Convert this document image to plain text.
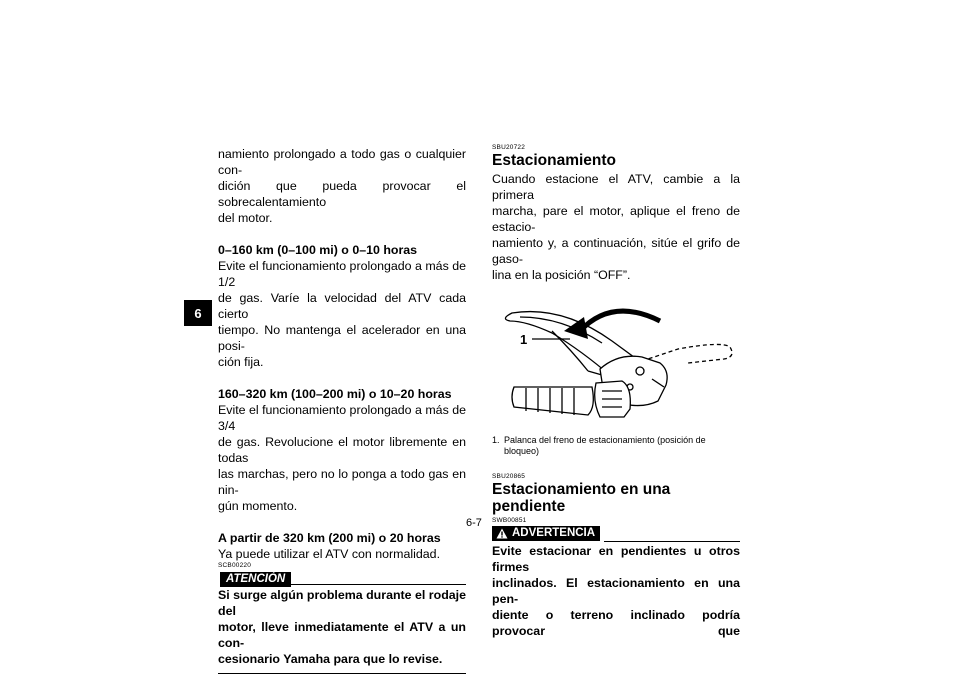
6

namiento prolongado a todo gas o cualquier con-
dición que pueda provocar el sobrecalentamiento
del motor.

0–160 km (0–100 mi) o 0–10 horas

Evite el funcionamiento prolongado a más de 1/2
de gas. Varíe la velocidad del ATV cada cierto
tiempo. No mantenga el acelerador en una posi-
ción fija.

160–320 km (100–200 mi) o 10–20 horas

Evite el funcionamiento prolongado a más de 3/4
de gas. Revolucione el motor libremente en todas
las marchas, pero no lo ponga a todo gas en nin-
gún momento.

A partir de 320 km (200 mi) o 20 horas

Ya puede utilizar el ATV con normalidad.

SCB00220
ATENCIÓN
Si surge algún problema durante el rodaje del
motor, lleve inmediatamente el ATV a un con-
cesionario Yamaha para que lo revise.
SBU20722

Estacionamiento

Cuando estacione el ATV, cambie a la primera
marcha, pare el motor, aplique el freno de estacio-
namiento y, a continuación, sitúe el grifo de gaso-
lina en la posición “OFF”.

1
1. Palanca del freno de estacionamiento (posición de bloqueo)
SBU20865

Estacionamiento en una pendiente

SWB00851
ADVERTENCIA
Evite estacionar en pendientes u otros firmes
inclinados. El estacionamiento en una pen-
diente o terreno inclinado podría provocar que
6-7
